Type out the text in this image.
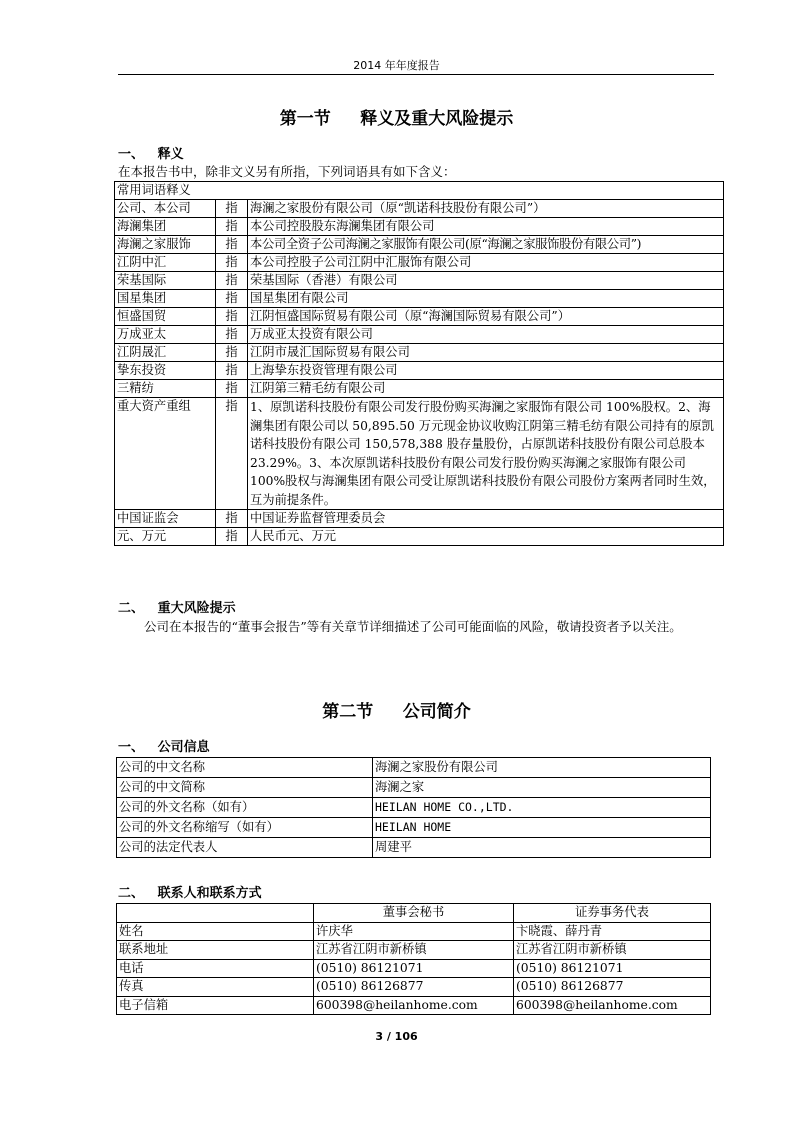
2014 年年度报告
第一节     释义及重大风险提示
一、   释义
在本报告书中，除非文义另有所指，下列词语具有如下含义：
常用词语释义		
公司、本公司	指	海澜之家股份有限公司（原“凯诺科技股份有限公司”）
海澜集团	指	本公司控股股东海澜集团有限公司
海澜之家服饰	指	本公司全资子公司海澜之家服饰有限公司(原“海澜之家服饰股份有限公司”)
江阴中汇	指	本公司控股子公司江阴中汇服饰有限公司
荣基国际	指	荣基国际（香港）有限公司
国星集团	指	国星集团有限公司
恒盛国贸	指	江阴恒盛国际贸易有限公司（原“海澜国际贸易有限公司”）
万成亚太	指	万成亚太投资有限公司
江阴晟汇	指	江阴市晟汇国际贸易有限公司
挚东投资	指	上海挚东投资管理有限公司
三精纺	指	江阴第三精毛纺有限公司
重大资产重组	指	1、原凯诺科技股份有限公司发行股份购买海澜之家服饰有限公司 100%股权。2、海澜集团有限公司以 50,895.50 万元现金协议收购江阴第三精毛纺有限公司持有的原凯诺科技股份有限公司 150,578,388 股存量股份，占原凯诺科技股份有限公司总股本 23.29%。3、本次原凯诺科技股份有限公司发行股份购买海澜之家服饰有限公司 100%股权与海澜集团有限公司受让原凯诺科技股份有限公司股份方案两者同时生效，互为前提条件。
中国证监会	指	中国证券监督管理委员会
元、万元	指	人民币元、万元
二、   重大风险提示
公司在本报告的“董事会报告”等有关章节详细描述了公司可能面临的风险，敬请投资者予以关注。
第二节     公司简介
一、   公司信息
公司的中文名称	海澜之家股份有限公司
公司的中文简称	海澜之家
公司的外文名称（如有）	HEILAN HOME CO.,LTD.
公司的外文名称缩写（如有）	HEILAN HOME
公司的法定代表人	周建平
二、   联系人和联系方式
	董事会秘书	证券事务代表
姓名	许庆华	卞晓霞、薛丹青
联系地址	江苏省江阴市新桥镇	江苏省江阴市新桥镇
电话	(0510) 86121071	(0510) 86121071
传真	(0510) 86126877	(0510) 86126877
电子信箱	600398@heilanhome.com	600398@heilanhome.com
3 / 106
